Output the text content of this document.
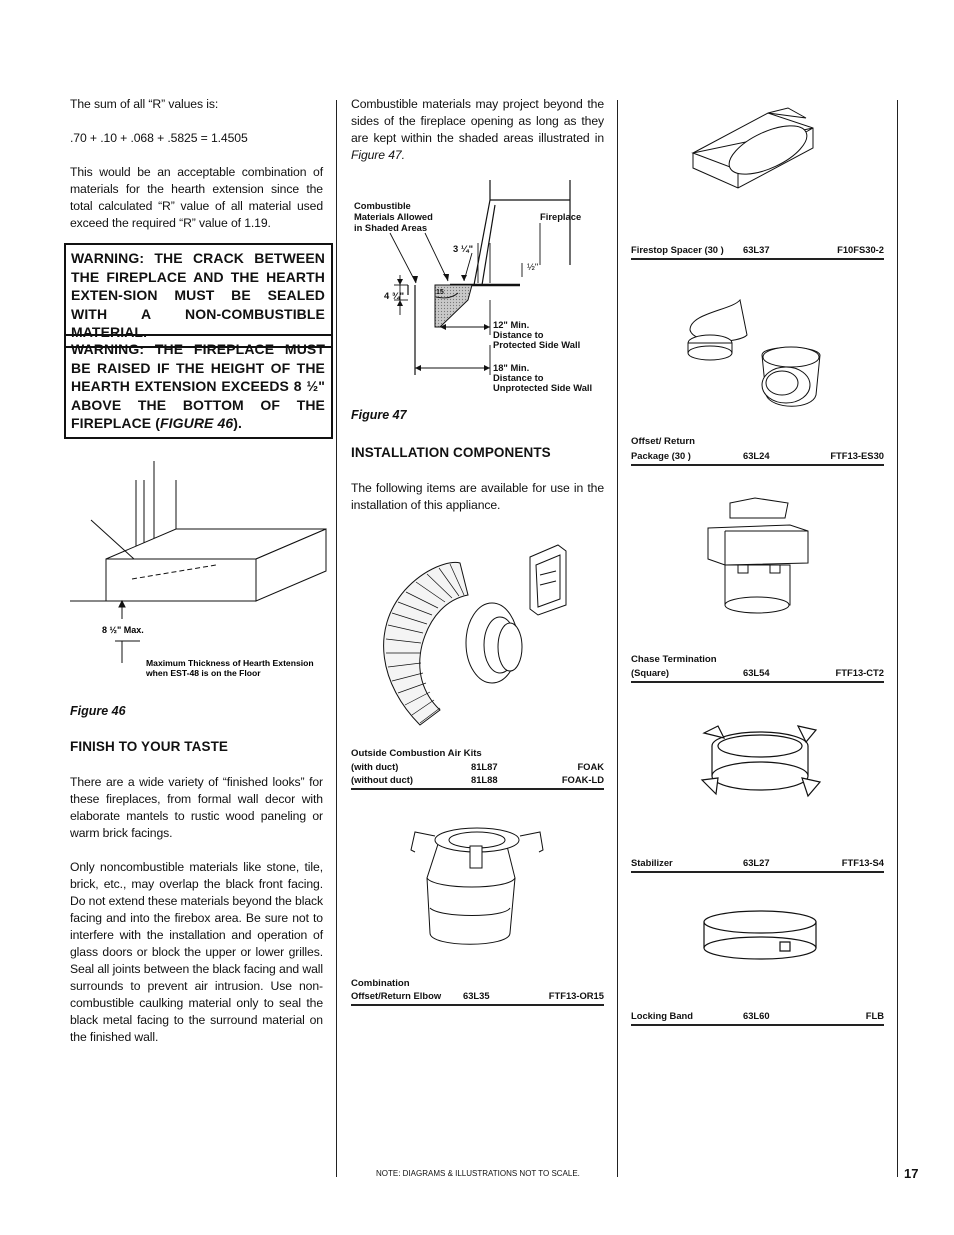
The sum of all “R” values is:

.70 + .10 + .068 + .5825 = 1.4505

This would be an acceptable combination of materials for the hearth extension since the total calculated “R” value of all material used exceed the required “R” value of 1.19.

WARNING: THE CRACK BETWEEN THE FIREPLACE AND THE HEARTH EXTEN-SION MUST BE SEALED WITH A NON-COMBUSTIBLE MATERIAL.
WARNING: THE FIREPLACE MUST BE RAISED IF THE HEIGHT OF THE HEARTH EXTENSION EXCEEDS 8 ½" ABOVE THE BOTTOM OF THE FIREPLACE (FIGURE 46).
8 ½" Max.
Maximum Thickness of Hearth Extension
when EST-48 is on the Floor
Figure 46
FINISH TO YOUR TASTE

There are a wide variety of “finished looks” for these fireplaces, from formal wall decor with elaborate mantels to rustic wood paneling or warm brick facings.

Only noncombustible materials like stone, tile, brick, etc., may overlap the black front facing. Do not extend these materials beyond the black facing and into the firebox area. Be sure not to interfere with the installation and operation of glass doors or block the upper or lower grilles. Seal all joints between the black facing and wall surrounds to prevent air intrusion. Use non-combustible caulking material only to seal the black metal facing to the surround material on the finished wall.

Combustible materials may project beyond the sides of the fireplace opening as long as they are kept within the shaded areas illustrated in Figure 47.
Combustible
Materials Allowed
in Shaded Areas
Fireplace
3 ¼"
½"
4 ¾"	15
12" Min.
Distance to
Protected Side Wall
18" Min.
Distance to
Unprotected Side Wall
Figure 47
INSTALLATION COMPONENTS
The following items are available for use in the installation of this appliance.
Outside Combustion Air Kits
(with duct)	81L87	FOAK
(without duct)	81L88	FOAK-LD
Combination
Offset/Return Elbow 63L35	FTF13-OR15
NOTE: DIAGRAMS & ILLUSTRATIONS NOT TO SCALE.
Firestop Spacer (30 ) 63L37	F10FS30-2
Offset/ Return
Package (30 )	63L24	FTF13-ES30
Chase Termination
(Square)	63L54	FTF13-CT2
Stabilizer	63L27	FTF13-S4
Locking Band	63L60	FLB
17
